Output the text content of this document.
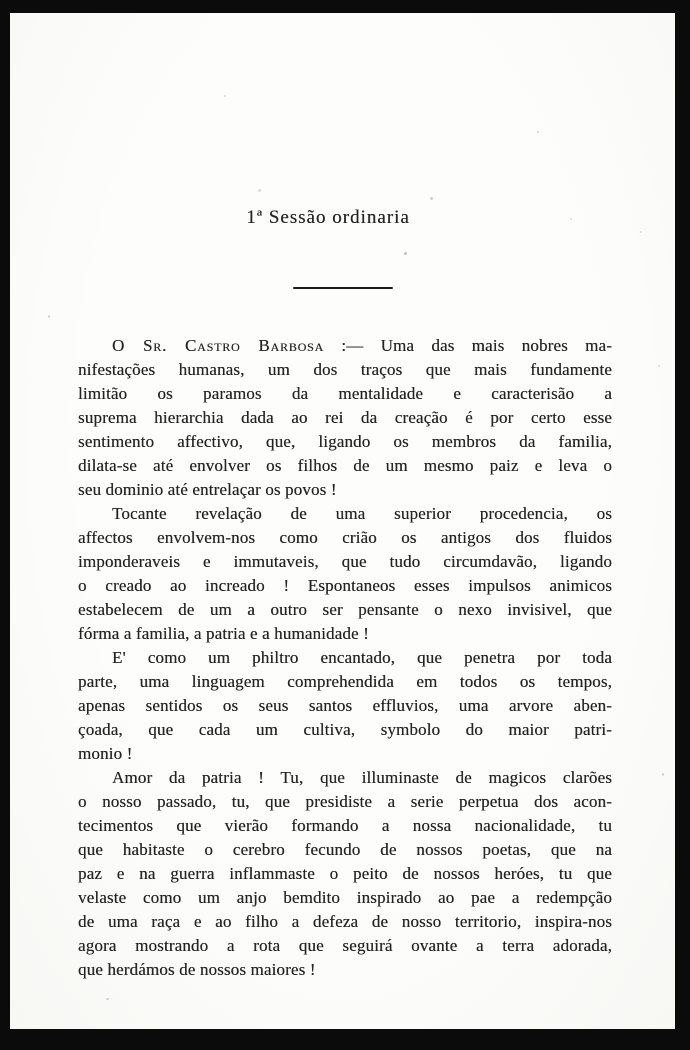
1ª Sessão ordinaria
O Sr. Castro Barbosa :— Uma das mais nobres ma-
nifestações humanas, um dos traços que mais fundamente
limitão os paramos da mentalidade e caracterisão a
suprema hierarchia dada ao rei da creação é por certo esse
sentimento affectivo, que, ligando os membros da familia,
dilata-se até envolver os filhos de um mesmo paiz e leva o
seu dominio até entrelaçar os povos !
Tocante revelação de uma superior procedencia, os
affectos envolvem-nos como crião os antigos dos fluidos
imponderaveis e immutaveis, que tudo circumdavão, ligando
o creado ao increado ! Espontaneos esses impulsos animicos
estabelecem de um a outro ser pensante o nexo invisivel, que
fórma a familia, a patria e a humanidade !
E' como um philtro encantado, que penetra por toda
parte, uma linguagem comprehendida em todos os tempos,
apenas sentidos os seus santos effluvios, uma arvore aben-
çoada, que cada um cultiva, symbolo do maior patri-
monio !
Amor da patria ! Tu, que illuminaste de magicos clarões
o nosso passado, tu, que presidiste a serie perpetua dos acon-
tecimentos que vierão formando a nossa nacionalidade, tu
que habitaste o cerebro fecundo de nossos poetas, que na
paz e na guerra inflammaste o peito de nossos heróes, tu que
velaste como um anjo bemdito inspirado ao pae a redempção
de uma raça e ao filho a defeza de nosso territorio, inspira-nos
agora mostrando a rota que seguirá ovante a terra adorada,
que herdámos de nossos maiores !
